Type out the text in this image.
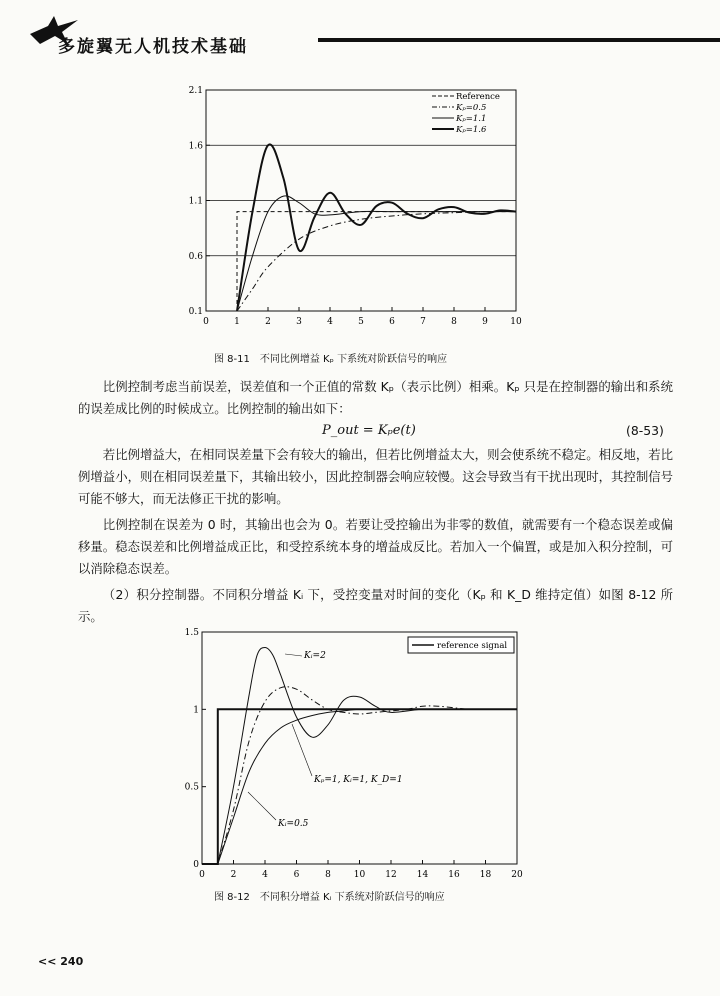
多旋翼无人机技术基础
0	1	2	3	4	5	6	7	8	9 10
0.1
0.6
1.1
1.6
2.1
Reference
Kₚ=0.5
Kₚ=1.1
Kₚ=1.6
图 8-11　不同比例增益 Kₚ 下系统对阶跃信号的响应

比例控制考虑当前误差，误差值和一个正值的常数 Kₚ（表示比例）相乘。Kₚ 只是在控制器的输出和系统的误差成比例的时候成立。比例控制的输出如下：

P_out = Kₚe(t)	(8-53)

若比例增益大，在相同误差量下会有较大的输出，但若比例增益太大，则会使系统不稳定。相反地，若比例增益小，则在相同误差量下，其输出较小，因此控制器会响应较慢。这会导致当有干扰出现时，其控制信号可能不够大，而无法修正干扰的影响。

比例控制在误差为 0 时，其输出也会为 0。若要让受控输出为非零的数值，就需要有一个稳态误差或偏移量。稳态误差和比例增益成正比，和受控系统本身的增益成反比。若加入一个偏置，或是加入积分控制，可以消除稳态误差。

（2）积分控制器。不同积分增益 Kᵢ 下，受控变量对时间的变化（Kₚ 和 K_D 维持定值）如图 8-12 所示。

0	2	4	6	8	10 12 14 16 18 20
0
0.5
1
1.5
reference signal
Kᵢ=2
Kₚ=1, Kᵢ=1, K_D=1
Kᵢ=0.5
图 8-12　不同积分增益 Kᵢ 下系统对阶跃信号的响应
<< 240
